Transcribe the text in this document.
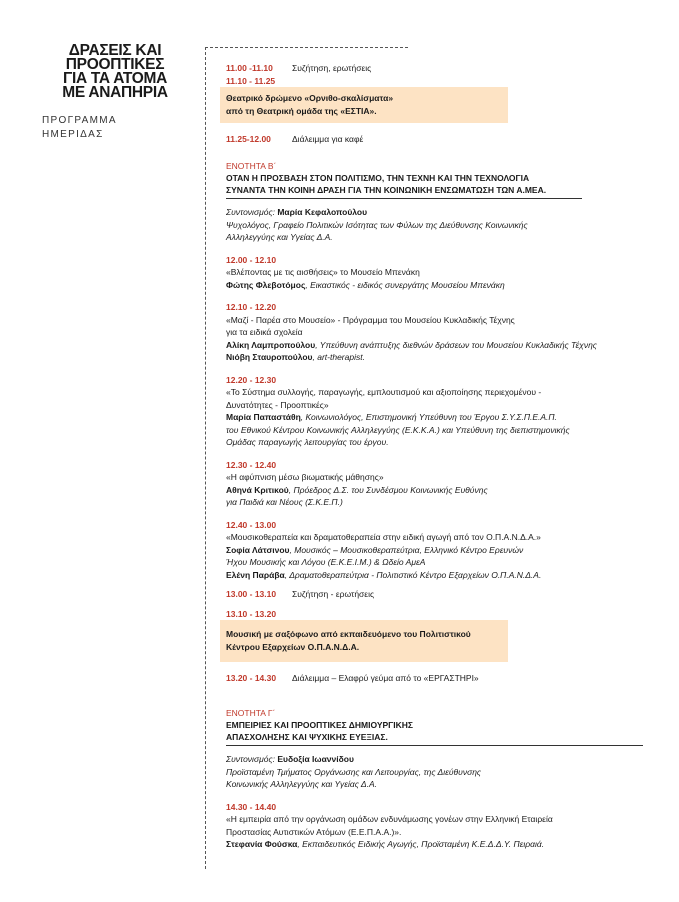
ΔΡΑΣΕΙΣ ΚΑΙ
ΠΡΟΟΠΤΙΚΕΣ
ΓΙΑ ΤΑ ΑΤΟΜΑ
ΜΕ ΑΝΑΠΗΡΙΑ
ΠΡΟΓΡΑΜΜΑ
ΗΜΕΡΙΔΑΣ
11.00 -11.10 Συζήτηση, ερωτήσεις
11.10 - 11.25
Θεατρικό δρώμενο «Ορνιθο-σκαλίσματα»
από τη Θεατρική ομάδα της «ΕΣΤΙΑ».
11.25-12.00 Διάλειμμα για καφέ
ΕΝΟΤΗΤΑ Β΄
ΟΤΑΝ Η ΠΡΟΣΒΑΣΗ ΣΤΟΝ ΠΟΛΙΤΙΣΜΟ, ΤΗΝ ΤΕΧΝΗ ΚΑΙ ΤΗΝ ΤΕΧΝΟΛΟΓΙΑ
ΣΥΝΑΝΤΑ ΤΗΝ ΚΟΙΝΗ ΔΡΑΣΗ ΓΙΑ ΤΗΝ ΚΟΙΝΩΝΙΚΗ ΕΝΣΩΜΑΤΩΣΗ ΤΩΝ Α.ΜΕΑ.
Συντονισμός: Μαρία Κεφαλοπούλου
Ψυχολόγος, Γραφείο Πολιτικών Ισότητας των Φύλων της Διεύθυνσης Κοινωνικής
Αλληλεγγύης και Υγείας Δ.Α.
12.00 - 12.10
«Βλέποντας με τις αισθήσεις» το Μουσείο Μπενάκη
Φώτης Φλεβοτόμος, Εικαστικός - ειδικός συνεργάτης Μουσείου Μπενάκη
12.10 - 12.20
«Μαζί - Παρέα στο Μουσείο» - Πρόγραμμα του Μουσείου Κυκλαδικής Τέχνης
για τα ειδικά σχολεία
Αλίκη Λαμπροπούλου, Υπεύθυνη ανάπτυξης διεθνών δράσεων του Μουσείου Κυκλαδικής Τέχνης
Νιόβη Σταυροπούλου, art-therapist.
12.20 - 12.30
«Το Σύστημα συλλογής, παραγωγής, εμπλουτισμού και αξιοποίησης περιεχομένου -
Δυνατότητες - Προοπτικές»
Μαρία Παπαστάθη, Κοινωνιολόγος, Επιστημονική Υπεύθυνη του Έργου Σ.Υ.Σ.Π.Ε.Α.Π.
του Εθνικού Κέντρου Κοινωνικής Αλληλεγγύης (Ε.Κ.Κ.Α.) και Υπεύθυνη της διεπιστημονικής
Ομάδας παραγωγής λειτουργίας του έργου.
12.30 - 12.40
«Η αφύπνιση μέσω βιωματικής μάθησης»
Αθηνά Κριτικού, Πρόεδρος Δ.Σ. του Συνδέσμου Κοινωνικής Ευθύνης
για Παιδιά και Νέους (Σ.Κ.Ε.Π.)
12.40 - 13.00
«Μουσικοθεραπεία και δραματοθεραπεία στην ειδική αγωγή από τον Ο.Π.Α.Ν.Δ.Α.»
Σοφία Λάτσινου, Μουσικός – Μουσικοθεραπεύτρια, Ελληνικό Κέντρο Ερευνών
Ήχου Μουσικής και Λόγου (Ε.Κ.Ε.Ι.Μ.) & Ωδείο ΑμεΑ
Ελένη Παράβα, Δραματοθεραπεύτρια - Πολιτιστικό Κέντρο Εξαρχείων Ο.Π.Α.Ν.Δ.Α.
13.00 - 13.10 Συζήτηση - ερωτήσεις
13.10 - 13.20
Μουσική με σαξόφωνο από εκπαιδευόμενο του Πολιτιστικού
Κέντρου Εξαρχείων Ο.Π.Α.Ν.Δ.Α.
13.20 - 14.30 Διάλειμμα – Ελαφρύ γεύμα από το «ΕΡΓΑΣΤΗΡΙ»
ΕΝΟΤΗΤΑ Γ΄
ΕΜΠΕΙΡΙΕΣ ΚΑΙ ΠΡΟΟΠΤΙΚΕΣ ΔΗΜΙΟΥΡΓΙΚΗΣ
ΑΠΑΣΧΟΛΗΣΗΣ ΚΑΙ ΨΥΧΙΚΗΣ ΕΥΕΞΙΑΣ.
Συντονισμός: Ευδοξία Ιωαννίδου
Προϊσταμένη Τμήματος Οργάνωσης και Λειτουργίας, της Διεύθυνσης
Κοινωνικής Αλληλεγγύης και Υγείας Δ.Α.
14.30 - 14.40
«Η εμπειρία από την οργάνωση ομάδων ενδυνάμωσης γονέων στην Ελληνική Εταιρεία
Προστασίας Αυτιστικών Ατόμων (Ε.Ε.Π.Α.Α.)».
Στεφανία Φούσκα, Εκπαιδευτικός Ειδικής Αγωγής, Προϊσταμένη Κ.Ε.Δ.Δ.Υ. Πειραιά.
